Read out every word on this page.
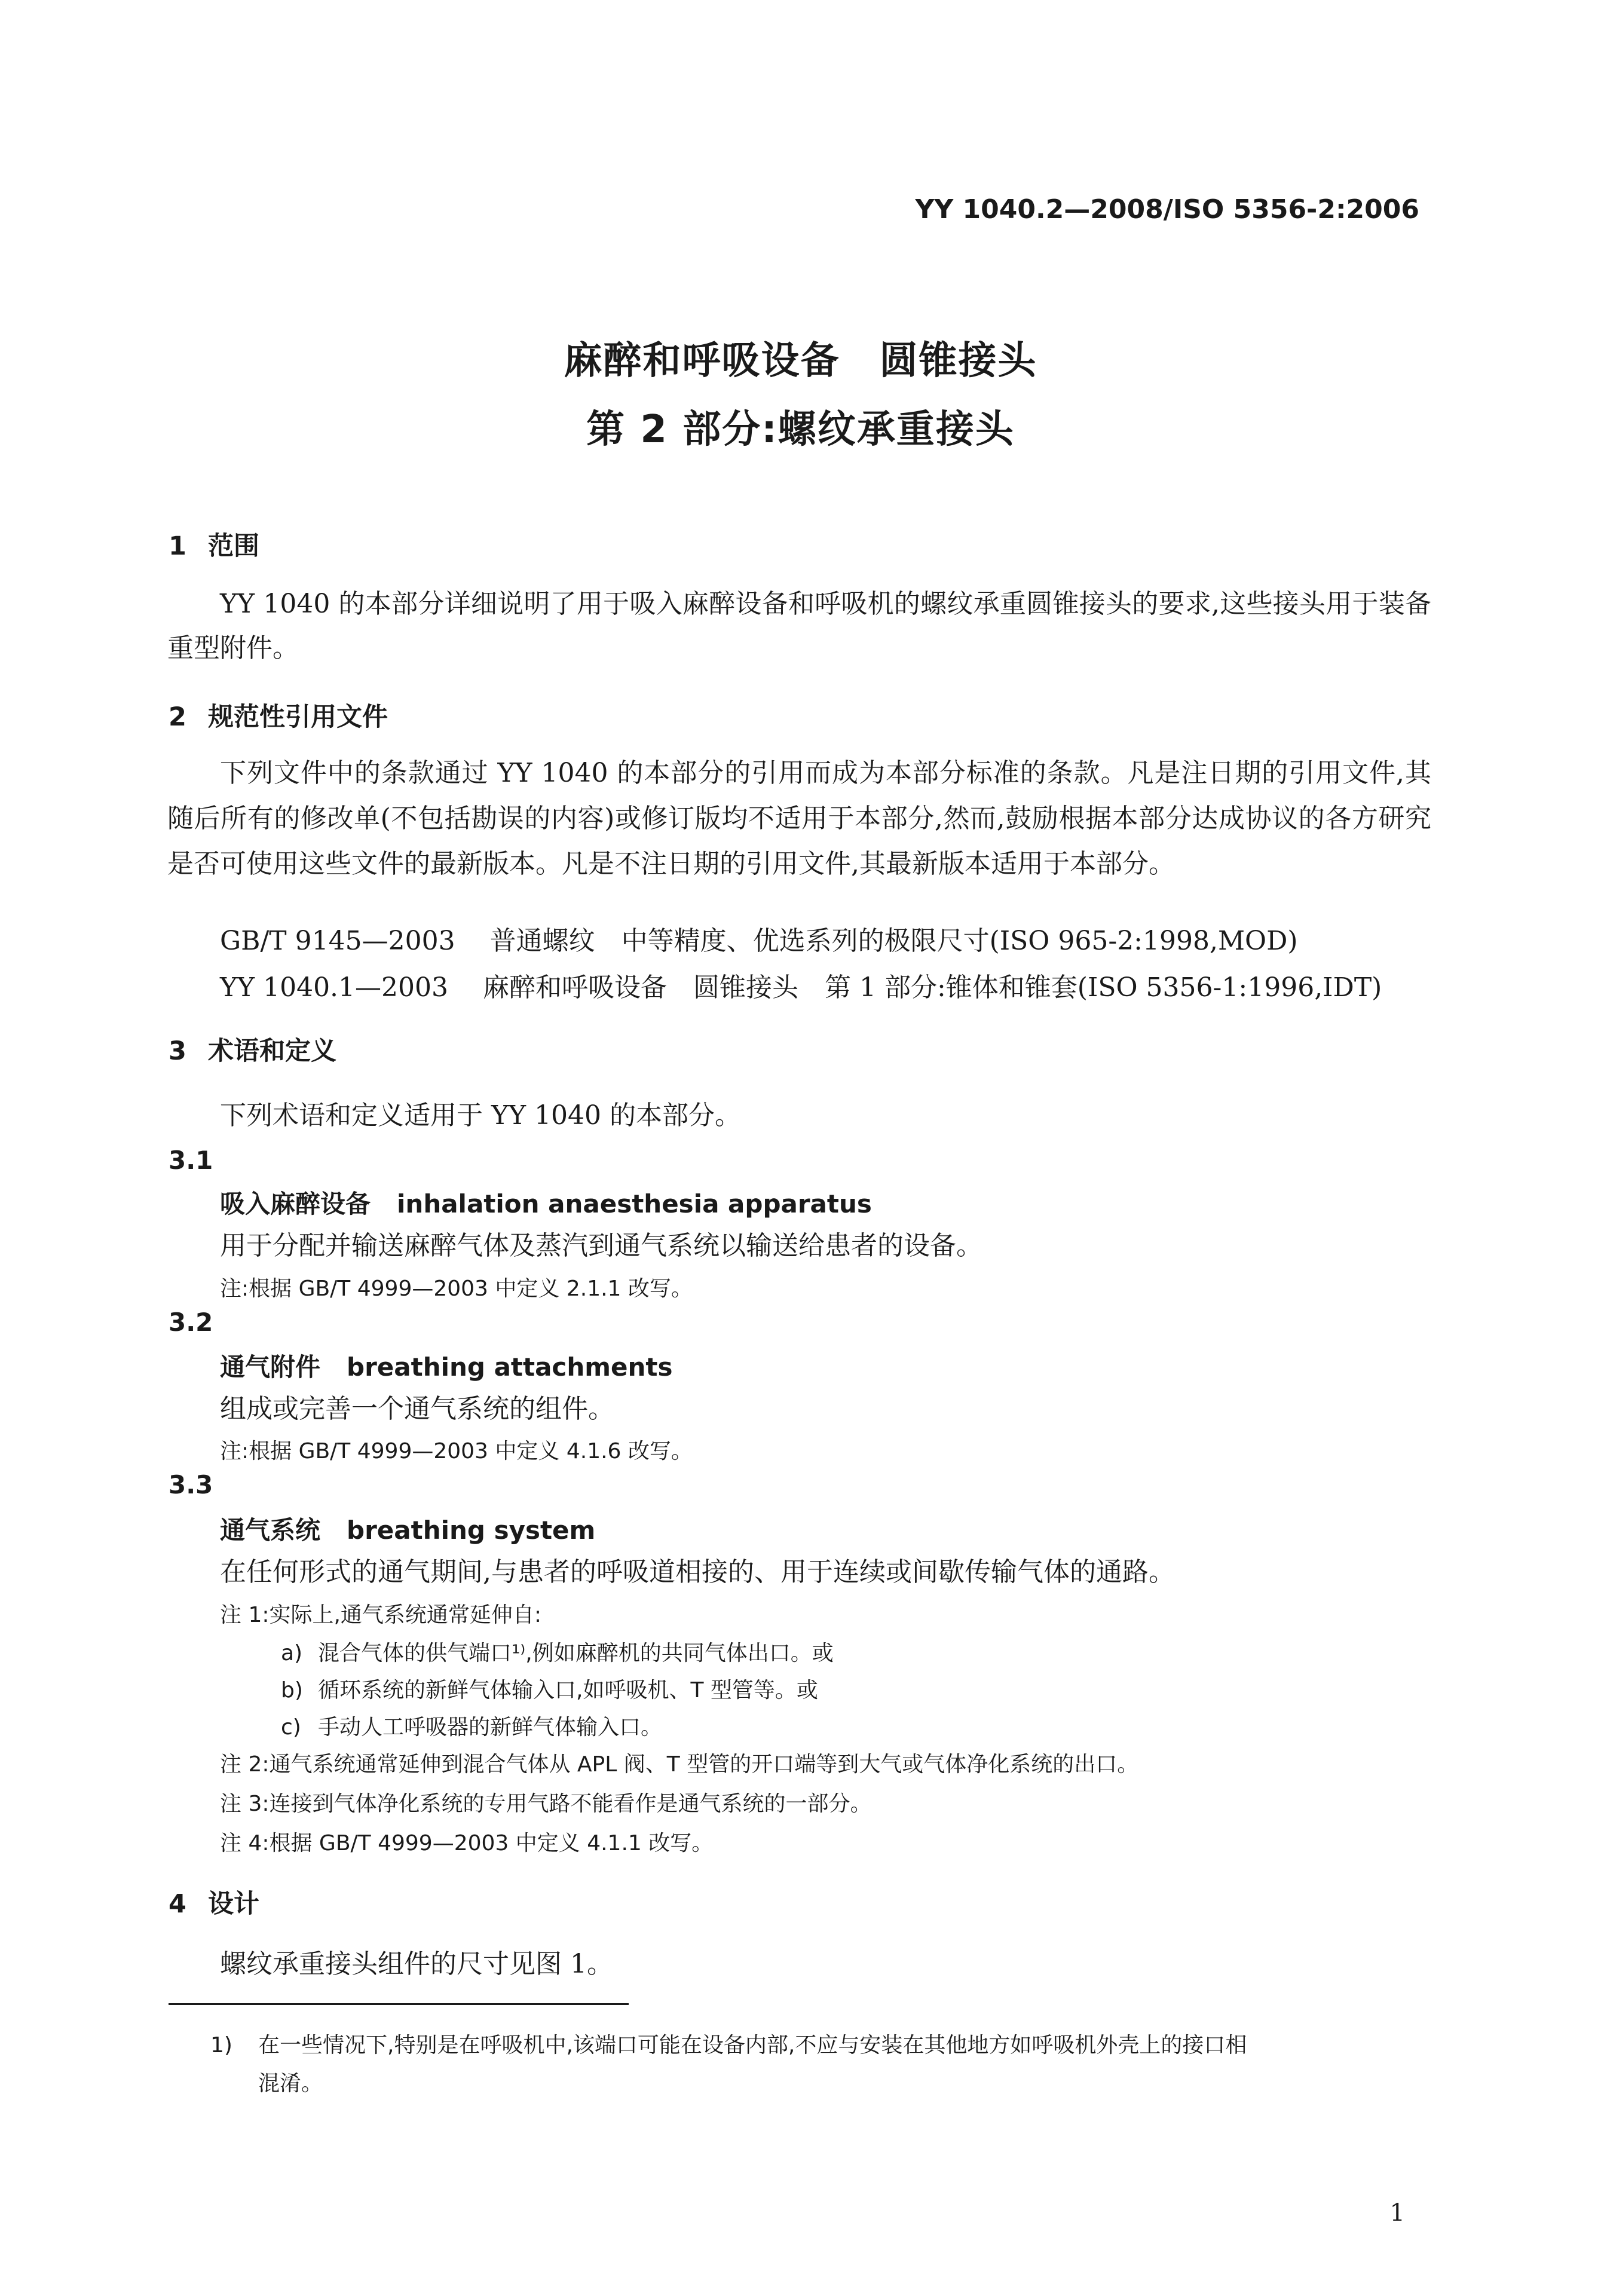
YY 1040.2—2008/ISO 5356-2:2006
麻醉和呼吸设备　圆锥接头
第 2 部分:螺纹承重接头
1 范围
YY 1040 的本部分详细说明了用于吸入麻醉设备和呼吸机的螺纹承重圆锥接头的要求,这些接头用于装备重型附件。
2 规范性引用文件
下列文件中的条款通过 YY 1040 的本部分的引用而成为本部分标准的条款。凡是注日期的引用文件,其随后所有的修改单(不包括勘误的内容)或修订版均不适用于本部分,然而,鼓励根据本部分达成协议的各方研究是否可使用这些文件的最新版本。凡是不注日期的引用文件,其最新版本适用于本部分。
GB/T 9145—2003 普通螺纹　中等精度、优选系列的极限尺寸(ISO 965-2:1998,MOD)
YY 1040.1—2003 麻醉和呼吸设备　圆锥接头　第 1 部分:锥体和锥套(ISO 5356-1:1996,IDT)
3 术语和定义
下列术语和定义适用于 YY 1040 的本部分。
3.1
吸入麻醉设备 inhalation anaesthesia apparatus
用于分配并输送麻醉气体及蒸汽到通气系统以输送给患者的设备。
注:根据 GB/T 4999—2003 中定义 2.1.1 改写。
3.2
通气附件 breathing attachments
组成或完善一个通气系统的组件。
注:根据 GB/T 4999—2003 中定义 4.1.6 改写。
3.3
通气系统 breathing system
在任何形式的通气期间,与患者的呼吸道相接的、用于连续或间歇传输气体的通路。
注 1:实际上,通气系统通常延伸自:
a) 混合气体的供气端口¹⁾,例如麻醉机的共同气体出口。或
b) 循环系统的新鲜气体输入口,如呼吸机、T 型管等。或
c) 手动人工呼吸器的新鲜气体输入口。
注 2:通气系统通常延伸到混合气体从 APL 阀、T 型管的开口端等到大气或气体净化系统的出口。
注 3:连接到气体净化系统的专用气路不能看作是通气系统的一部分。
注 4:根据 GB/T 4999—2003 中定义 4.1.1 改写。
4 设计
螺纹承重接头组件的尺寸见图 1。
1) 在一些情况下,特别是在呼吸机中,该端口可能在设备内部,不应与安装在其他地方如呼吸机外壳上的接口相
混淆。
1
